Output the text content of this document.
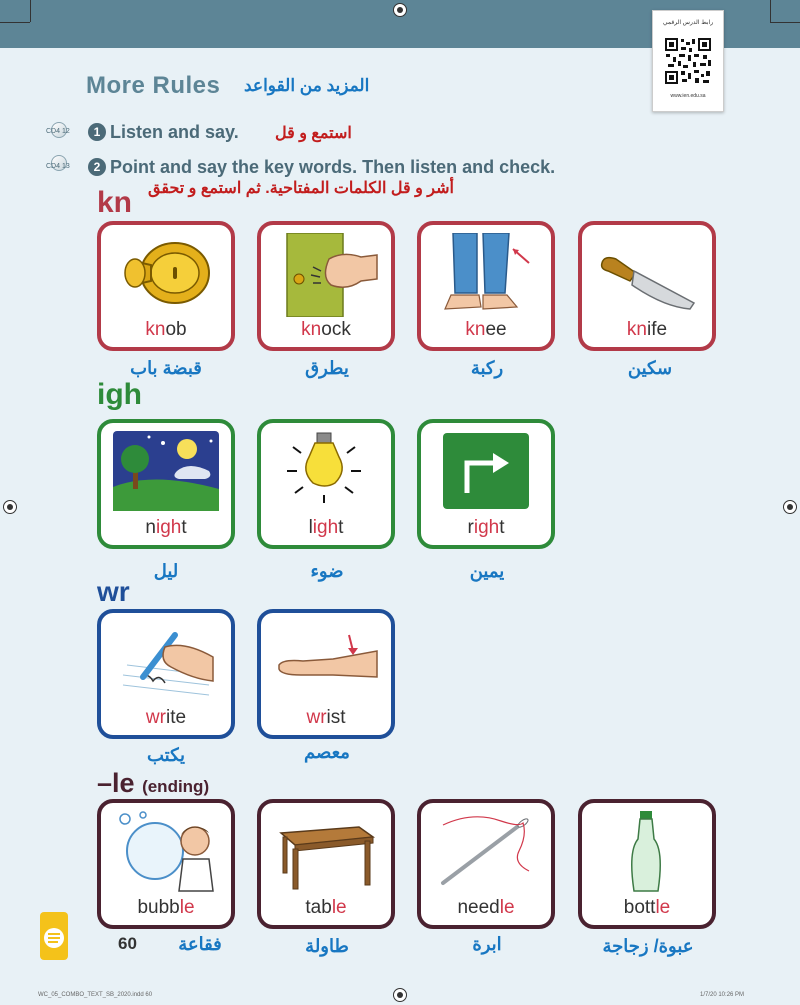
رابط الدرس الرقمي
www.ien.edu.sa
More Rules المزيد من القواعد
CD4 12	1 Listen and say. استمع و قل
CD4 13	2 Point and say the key words. Then listen and check.
أشر و قل الكلمات المفتاحية. ثم استمع و تحقق
kn
knob
قبضة باب
knock
يطرق
knee
ركبة
knife
سكين
igh
night
ليل
light
ضوء
right
يمين
wr
write
يكتب
wrist
معصم
–le (ending)
bubble
فقاعة
table
طاولة
needle
ابرة
bottle
عبوة/ زجاجة
60
WC_05_COMBO_TEXT_SB_2020.indd 60	1/7/20 10:26 PM
